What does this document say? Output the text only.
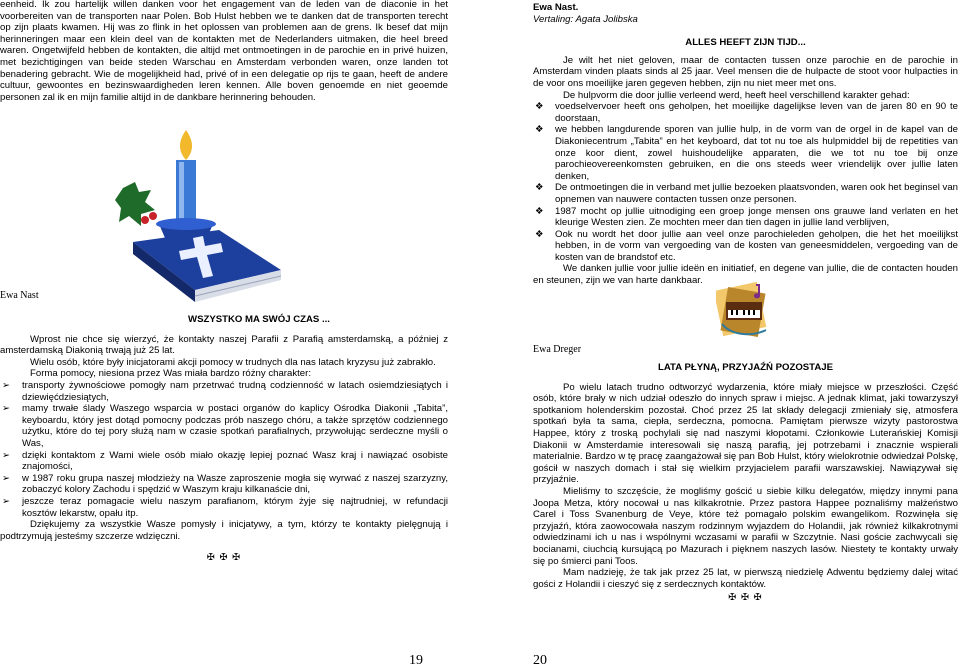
eenheid. Ik zou hartelijk willen danken voor het engagement van de leden van de diaconie in het voorbereiten van de transporten naar Polen. Bob Hulst hebben we te danken dat de transporten terecht op zijn plaats kwamen. Hij was zo flink in het oplossen van problemen aan de grens. Ik besef dat mijn herinneringen maar een klein deel van de kontakten met de Nederlanders uitmaken, die heel breed waren. Ongetwijfeld hebben de kontakten, die altijd met ontmoetingen in de parochie en in privé huizen, met bezichtigingen van beide steden Warschau en Amsterdam verbonden waren, onze landen tot benadering gebracht. Wie de mogelijkheid had, privé of in een delegatie op rijs te gaan, heeft de andere cultuur, gewoontes en bezinswaardigheden leren kennen. Alle boven genoemde en niet geoemde personen zal ik en mijn familie altijd in de dankbare herinnering behouden.

Ewa Nast

WSZYSTKO MA SWÓJ CZAS ...

Wprost nie chce się wierzyć, że kontakty naszej Parafii z Parafią amsterdamską, a później z amsterdamską Diakonią trwają już 25 lat.

Wielu osób, które były inicjatorami akcji pomocy w trudnych dla nas latach kryzysu już zabrakło.

Forma pomocy, niesiona przez Was miała bardzo różny charakter:

➢ transporty żywnościowe pomogły nam przetrwać trudną codzienność w latach osiemdziesiątych i dziewięćdziesiątych,
➢ mamy trwałe ślady Waszego wsparcia w postaci organów do kaplicy Ośrodka Diakonii „Tabita”, keyboardu, który jest dotąd pomocny podczas prób naszego chóru, a także sprzętów codziennego użytku, które do tej pory służą nam w czasie spotkań parafialnych, przywołując serdeczne myśli o Was,
➢ dzięki kontaktom z Wami wiele osób miało okazję lepiej poznać Wasz kraj i nawiązać osobiste znajomości,
➢ w 1987 roku grupa naszej młodzieży na Wasze zaproszenie mogła się wyrwać z naszej szarzyzny, zobaczyć kolory Zachodu i spędzić w Waszym kraju kilkanaście dni,
➢ jeszcze teraz pomagacie wielu naszym parafianom, którym żyje się najtrudniej, w refundacji kosztów lekarstw, opału itp.

Dziękujemy za wszystkie Wasze pomysły i inicjatywy, a tym, którzy te kontakty pielęgnują i podtrzymują jesteśmy szczerze wdzięczni.

✠ ✠ ✠

Ewa Nast.
Vertaling: Agata Jolibska

ALLES HEEFT ZIJN TIJD...

Je wilt het niet geloven, maar de contacten tussen onze parochie en de parochie in Amsterdam vinden plaats sinds al 25 jaar. Veel mensen die de hulpacte de stoot voor hulpacties in de voor ons moeilijke jaren gegeven hebben, zijn nu niet meer met ons.

De hulpvorm die door jullie verleend werd, heeft heel verschillend karakter gehad:

❖ voedselvervoer heeft ons geholpen, het moeilijke dagelijkse leven van de jaren 80 en 90 te doorstaan,
❖ we hebben langdurende sporen van jullie hulp, in de vorm van de orgel in de kapel van de Diakoniecentrum „Tabita” en het keyboard, dat tot nu toe als hulpmiddel bij de repetities van onze koor dient, zowel huishoudelijke apparaten, die we tot nu toe bij onze parochieovereenkomsten gebruiken, en die ons steeds weer vriendelijk over jullie laten denken,
❖ De ontmoetingen die in verband met jullie bezoeken plaatsvonden, waren ook het beginsel van opnemen van nauwere contacten tussen onze personen.
❖ 1987 mocht op jullie uitnodiging een groep jonge mensen ons grauwe land verlaten en het kleurige Westen zien. Ze mochten meer dan tien dagen in jullie land verblijven,
❖ Ook nu wordt het door jullie aan veel onze parochieleden geholpen, die het het moeilijkst hebben, in de vorm van vergoeding van de kosten van geneesmiddelen, vergoeding van de kosten van de brandstof etc.

We danken jullie voor jullie ideën en initiatief, en degene van jullie, die de contacten houden en steunen, zijn we van harte dankbaar.

Ewa Dreger

LATA PŁYNĄ, PRZYJAŹŃ POZOSTAJE

Po wielu latach trudno odtworzyć wydarzenia, które miały miejsce w przeszłości. Część osób, które brały w nich udział odeszło do innych spraw i miejsc. A jednak klimat, jaki towarzyszył spotkaniom holenderskim pozostał. Choć przez 25 lat składy delegacji zmieniały się, atmosfera spotkań była ta sama, ciepła, serdeczna, pomocna. Pamiętam pierwsze wizyty pastorostwa Happee, który z troską pochylali się nad naszymi kłopotami. Członkowie Luterańskiej Komisji Diakonii w Amsterdamie interesowali się naszą parafią, jej potrzebami i znacznie wspierali materialnie. Bardzo w tę pracę zaangażował się pan Bob Hulst, który wielokrotnie odwiedzał Polskę, gościł w naszych domach i stał się wielkim przyjacielem parafii warszawskiej. Nawiązywał się przyjaźnie.

Mieliśmy to szczęście, że mogliśmy gościć u siebie kilku delegatów, między innymi pana Joopa Metza, który nocował u nas kilkakrotnie. Przez pastora Happee poznaliśmy małżeństwo Carel i Toss Svanenburg de Veye, które też pomagało polskim ewangelikom. Rozwinęła się przyjaźń, która zaowocowała naszym rodzinnym wyjazdem do Holandii, jak również kilkakrotnymi odwiedzinami ich u nas i wspólnymi wczasami w parafii w Szczytnie. Nasi goście zachwycali się bocianami, ciuchcią kursującą po Mazurach i pięknem naszych lasów. Niestety te kontakty urwały się po śmierci pani Toos.

Mam nadzieję, że tak jak przez 25 lat, w pierwszą niedzielę Adwentu będziemy dalej witać gości z Holandii i cieszyć się z serdecznych kontaktów.

✠ ✠ ✠

19	20
